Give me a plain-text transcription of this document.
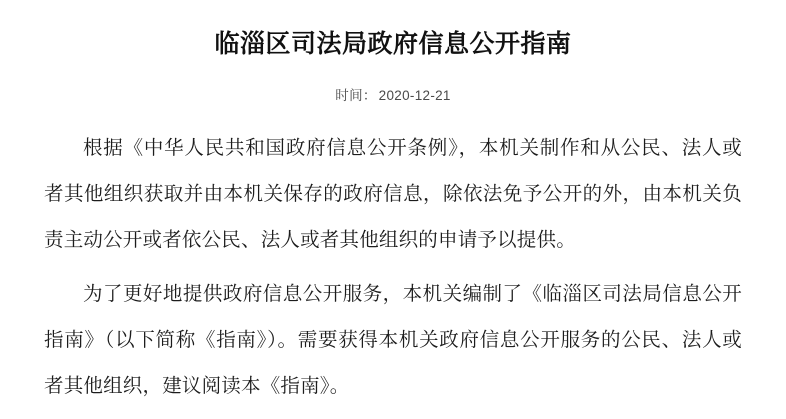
临淄区司法局政府信息公开指南
时间： 2020-12-21

根据《中华人民共和国政府信息公开条例》，本机关制作和从公民、法人或者其他组织获取并由本机关保存的政府信息，除依法免予公开的外，由本机关负责主动公开或者依公民、法人或者其他组织的申请予以提供。

为了更好地提供政府信息公开服务，本机关编制了《临淄区司法局信息公开指南》（以下简称《指南》）。需要获得本机关政府信息公开服务的公民、法人或者其他组织，建议阅读本《指南》。
